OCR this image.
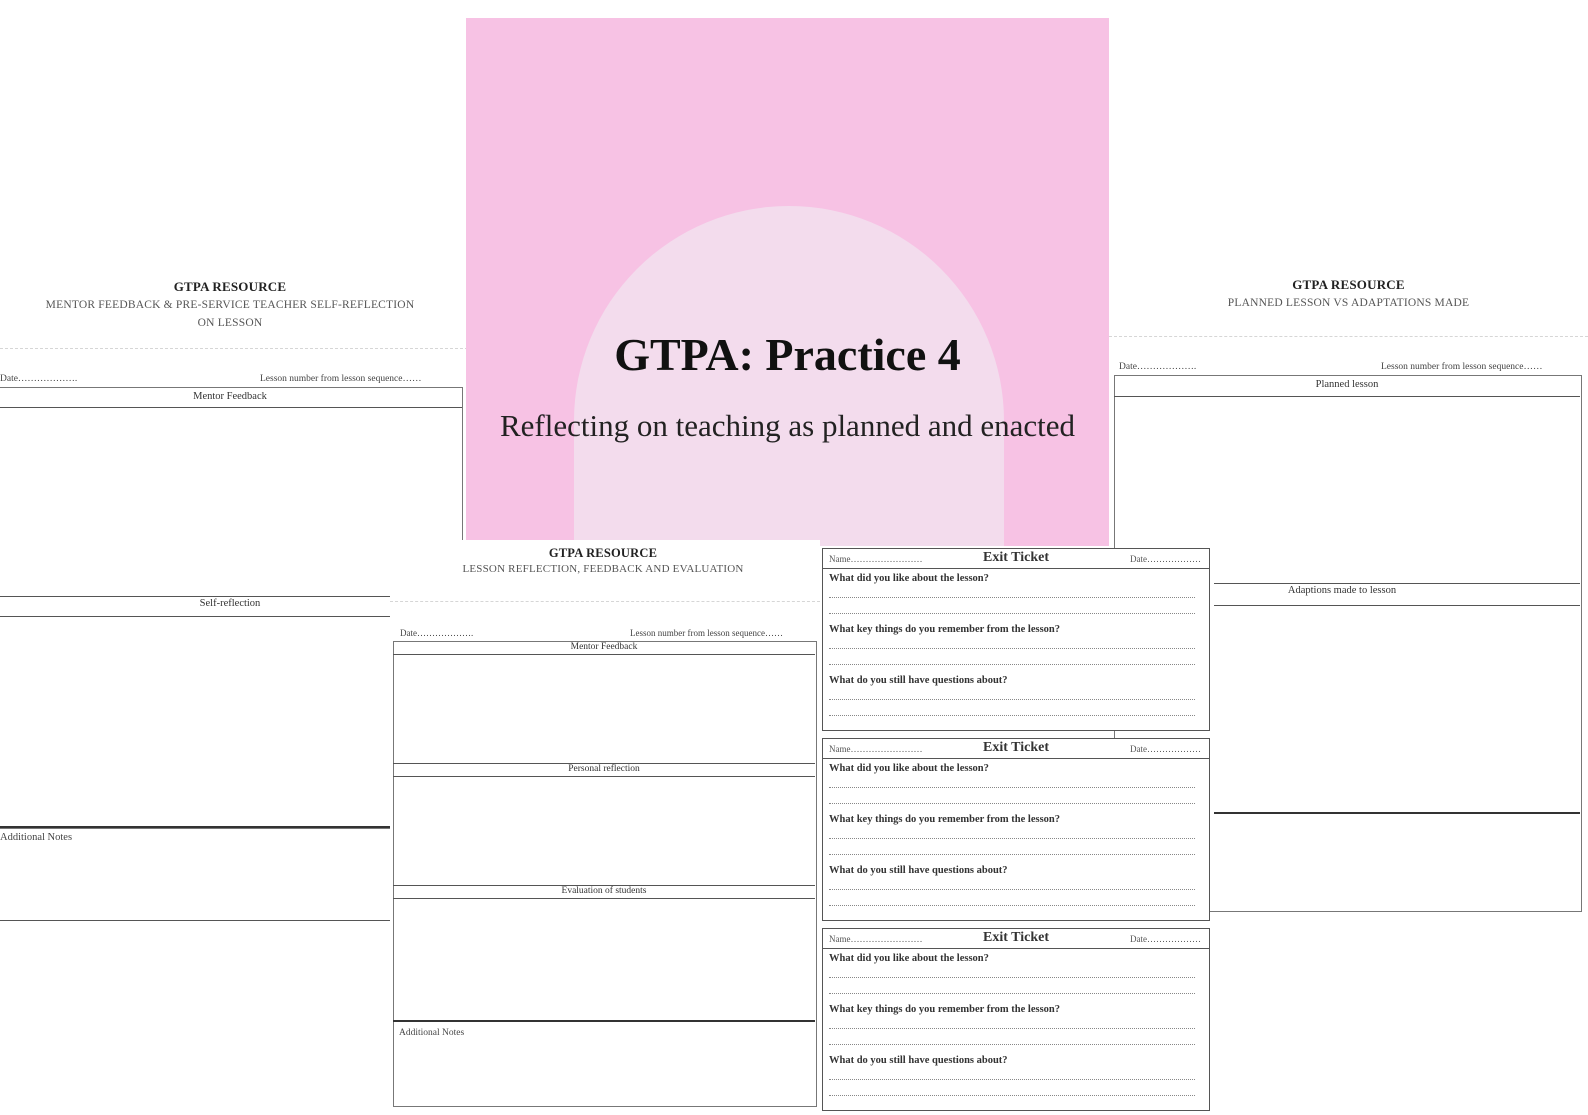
GTPA RESOURCE
MENTOR FEEDBACK & PRE-SERVICE TEACHER SELF-REFLECTION
ON LESSON
Date……………….	Lesson number from lesson sequence……
Mentor Feedback
Self-reflection
Additional Notes
GTPA RESOURCE
PLANNED LESSON VS ADAPTATIONS MADE
Date……………….	Lesson number from lesson sequence……
Planned lesson
Adaptions made to lesson
GTPA: Practice 4
Reflecting on teaching as planned and enacted
GTPA RESOURCE
LESSON REFLECTION, FEEDBACK AND EVALUATION
Date……………….	Lesson number from lesson sequence……
Mentor Feedback
Personal reflection
Evaluation of students
Additional Notes
Name……………………	Exit Ticket	Date………………
What did you like about the lesson?
What key things do you remember from the lesson?
What do you still have questions about?
Name……………………	Exit Ticket	Date………………
What did you like about the lesson?
What key things do you remember from the lesson?
What do you still have questions about?
Name……………………	Exit Ticket	Date………………
What did you like about the lesson?
What key things do you remember from the lesson?
What do you still have questions about?
